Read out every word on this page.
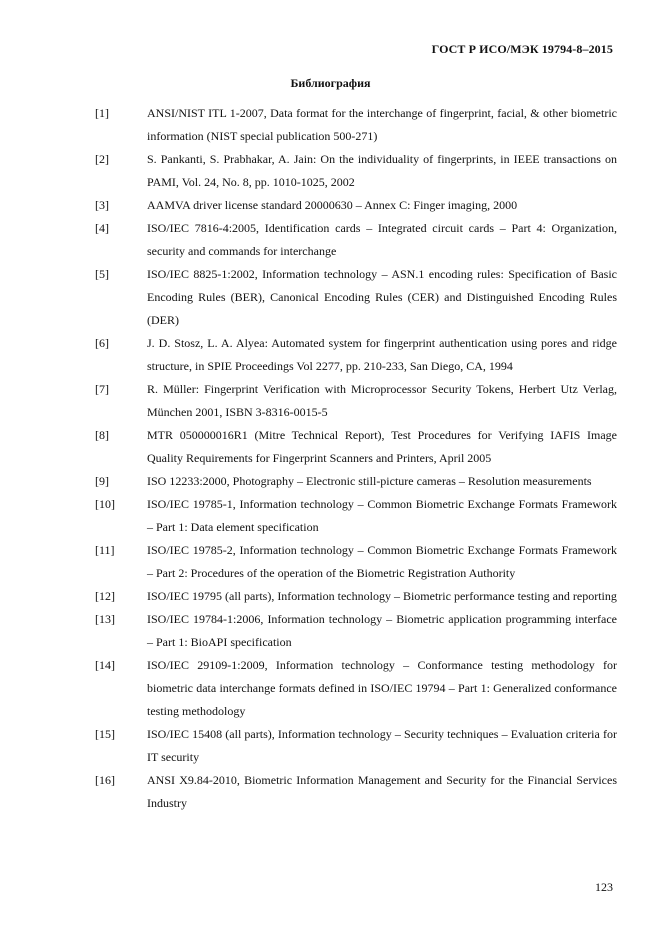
ГОСТ Р ИСО/МЭК 19794-8–2015
Библиография
[1]	ANSI/NIST ITL 1-2007, Data format for the interchange of fingerprint, facial, & other biometric information (NIST special publication 500-271)
[2]	S. Pankanti, S. Prabhakar, A. Jain: On the individuality of fingerprints, in IEEE transactions on PAMI, Vol. 24, No. 8, pp. 1010-1025, 2002
[3]	AAMVA driver license standard 20000630 – Annex C: Finger imaging, 2000
[4]	ISO/IEC 7816-4:2005, Identification cards – Integrated circuit cards – Part 4: Organization, security and commands for interchange
[5]	ISO/IEC 8825-1:2002, Information technology – ASN.1 encoding rules: Specification of Basic Encoding Rules (BER), Canonical Encoding Rules (CER) and Distinguished Encoding Rules (DER)
[6]	J. D. Stosz, L. A. Alyea: Automated system for fingerprint authentication using pores and ridge structure, in SPIE Proceedings Vol 2277, pp. 210-233, San Diego, CA, 1994
[7]	R. Müller: Fingerprint Verification with Microprocessor Security Tokens, Herbert Utz Verlag, München 2001, ISBN 3-8316-0015-5
[8]	MTR 050000016R1 (Mitre Technical Report), Test Procedures for Verifying IAFIS Image Quality Requirements for Fingerprint Scanners and Printers, April 2005
[9]	ISO 12233:2000, Photography – Electronic still-picture cameras – Resolution measurements
[10]	ISO/IEC 19785-1, Information technology – Common Biometric Exchange Formats Framework – Part 1: Data element specification
[11]	ISO/IEC 19785-2, Information technology – Common Biometric Exchange Formats Framework – Part 2: Procedures of the operation of the Biometric Registration Authority
[12]	ISO/IEC 19795 (all parts), Information technology – Biometric performance testing and reporting
[13]	ISO/IEC 19784-1:2006, Information technology – Biometric application programming interface – Part 1: BioAPI specification
[14]	ISO/IEC 29109-1:2009, Information technology – Conformance testing methodology for biometric data interchange formats defined in ISO/IEC 19794 – Part 1: Generalized conformance testing methodology
[15]	ISO/IEC 15408 (all parts), Information technology – Security techniques – Evaluation criteria for IT security
[16]	ANSI X9.84-2010, Biometric Information Management and Security for the Financial Services Industry
123
